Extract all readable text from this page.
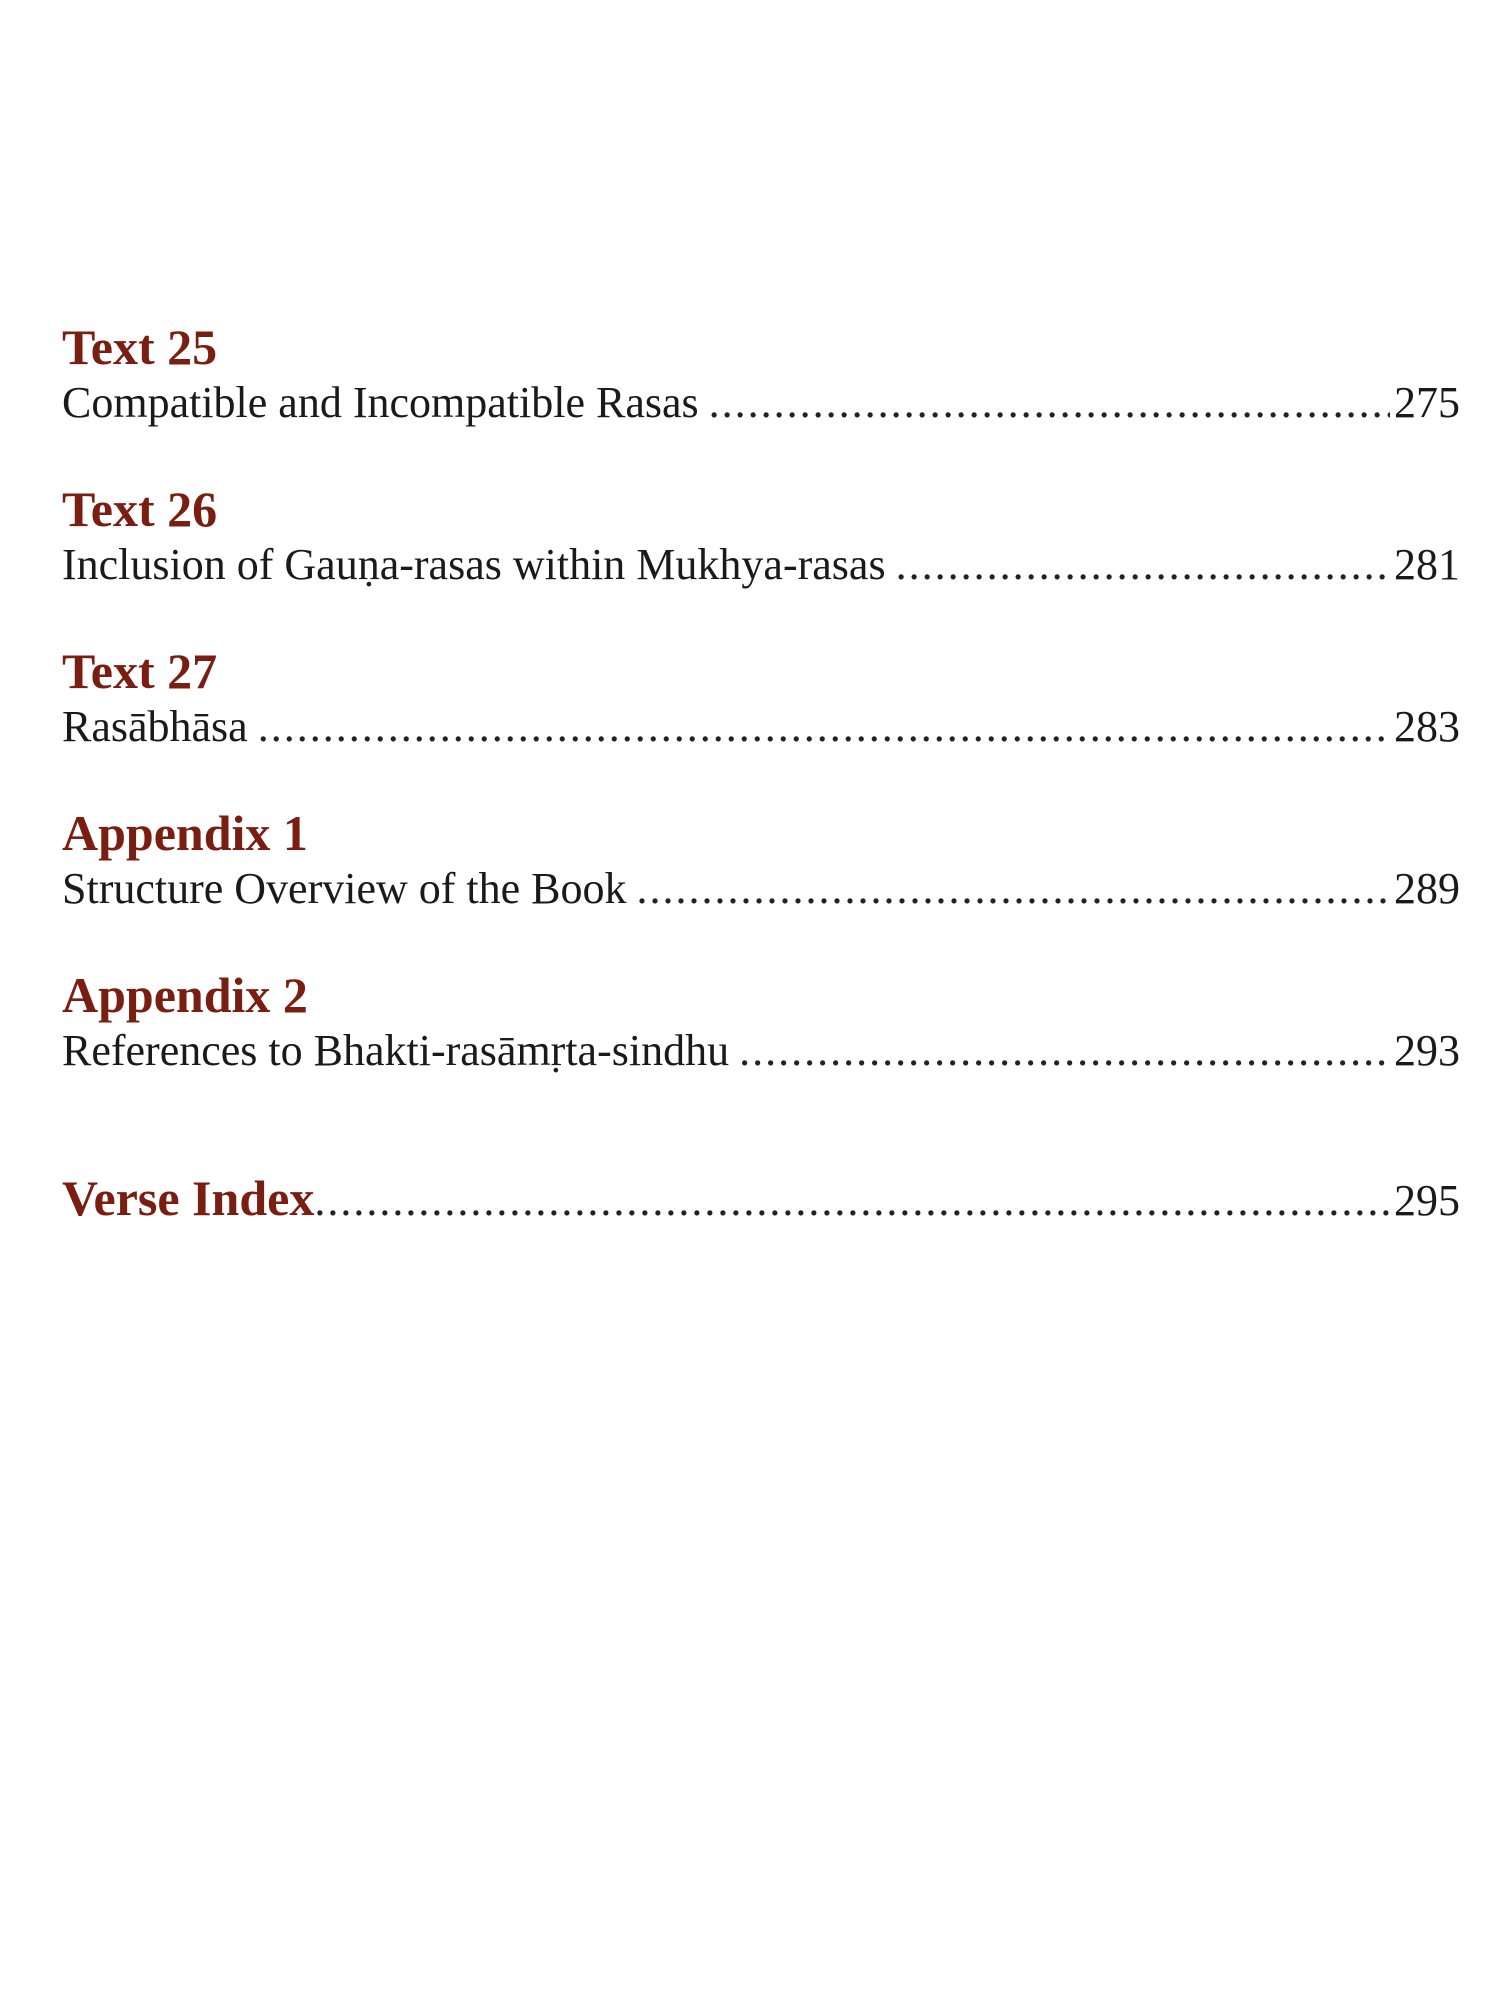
Text 25
Compatible and Incompatible Rasas .....	275
Text 26
Inclusion of Gauṇa-rasas within Mukhya-rasas .....	281
Text 27
Rasābhāsa .....	283
Appendix 1
Structure Overview of the Book .....	289
Appendix 2
References to Bhakti-rasāmṛta-sindhu .....	293
Verse Index .....	295
